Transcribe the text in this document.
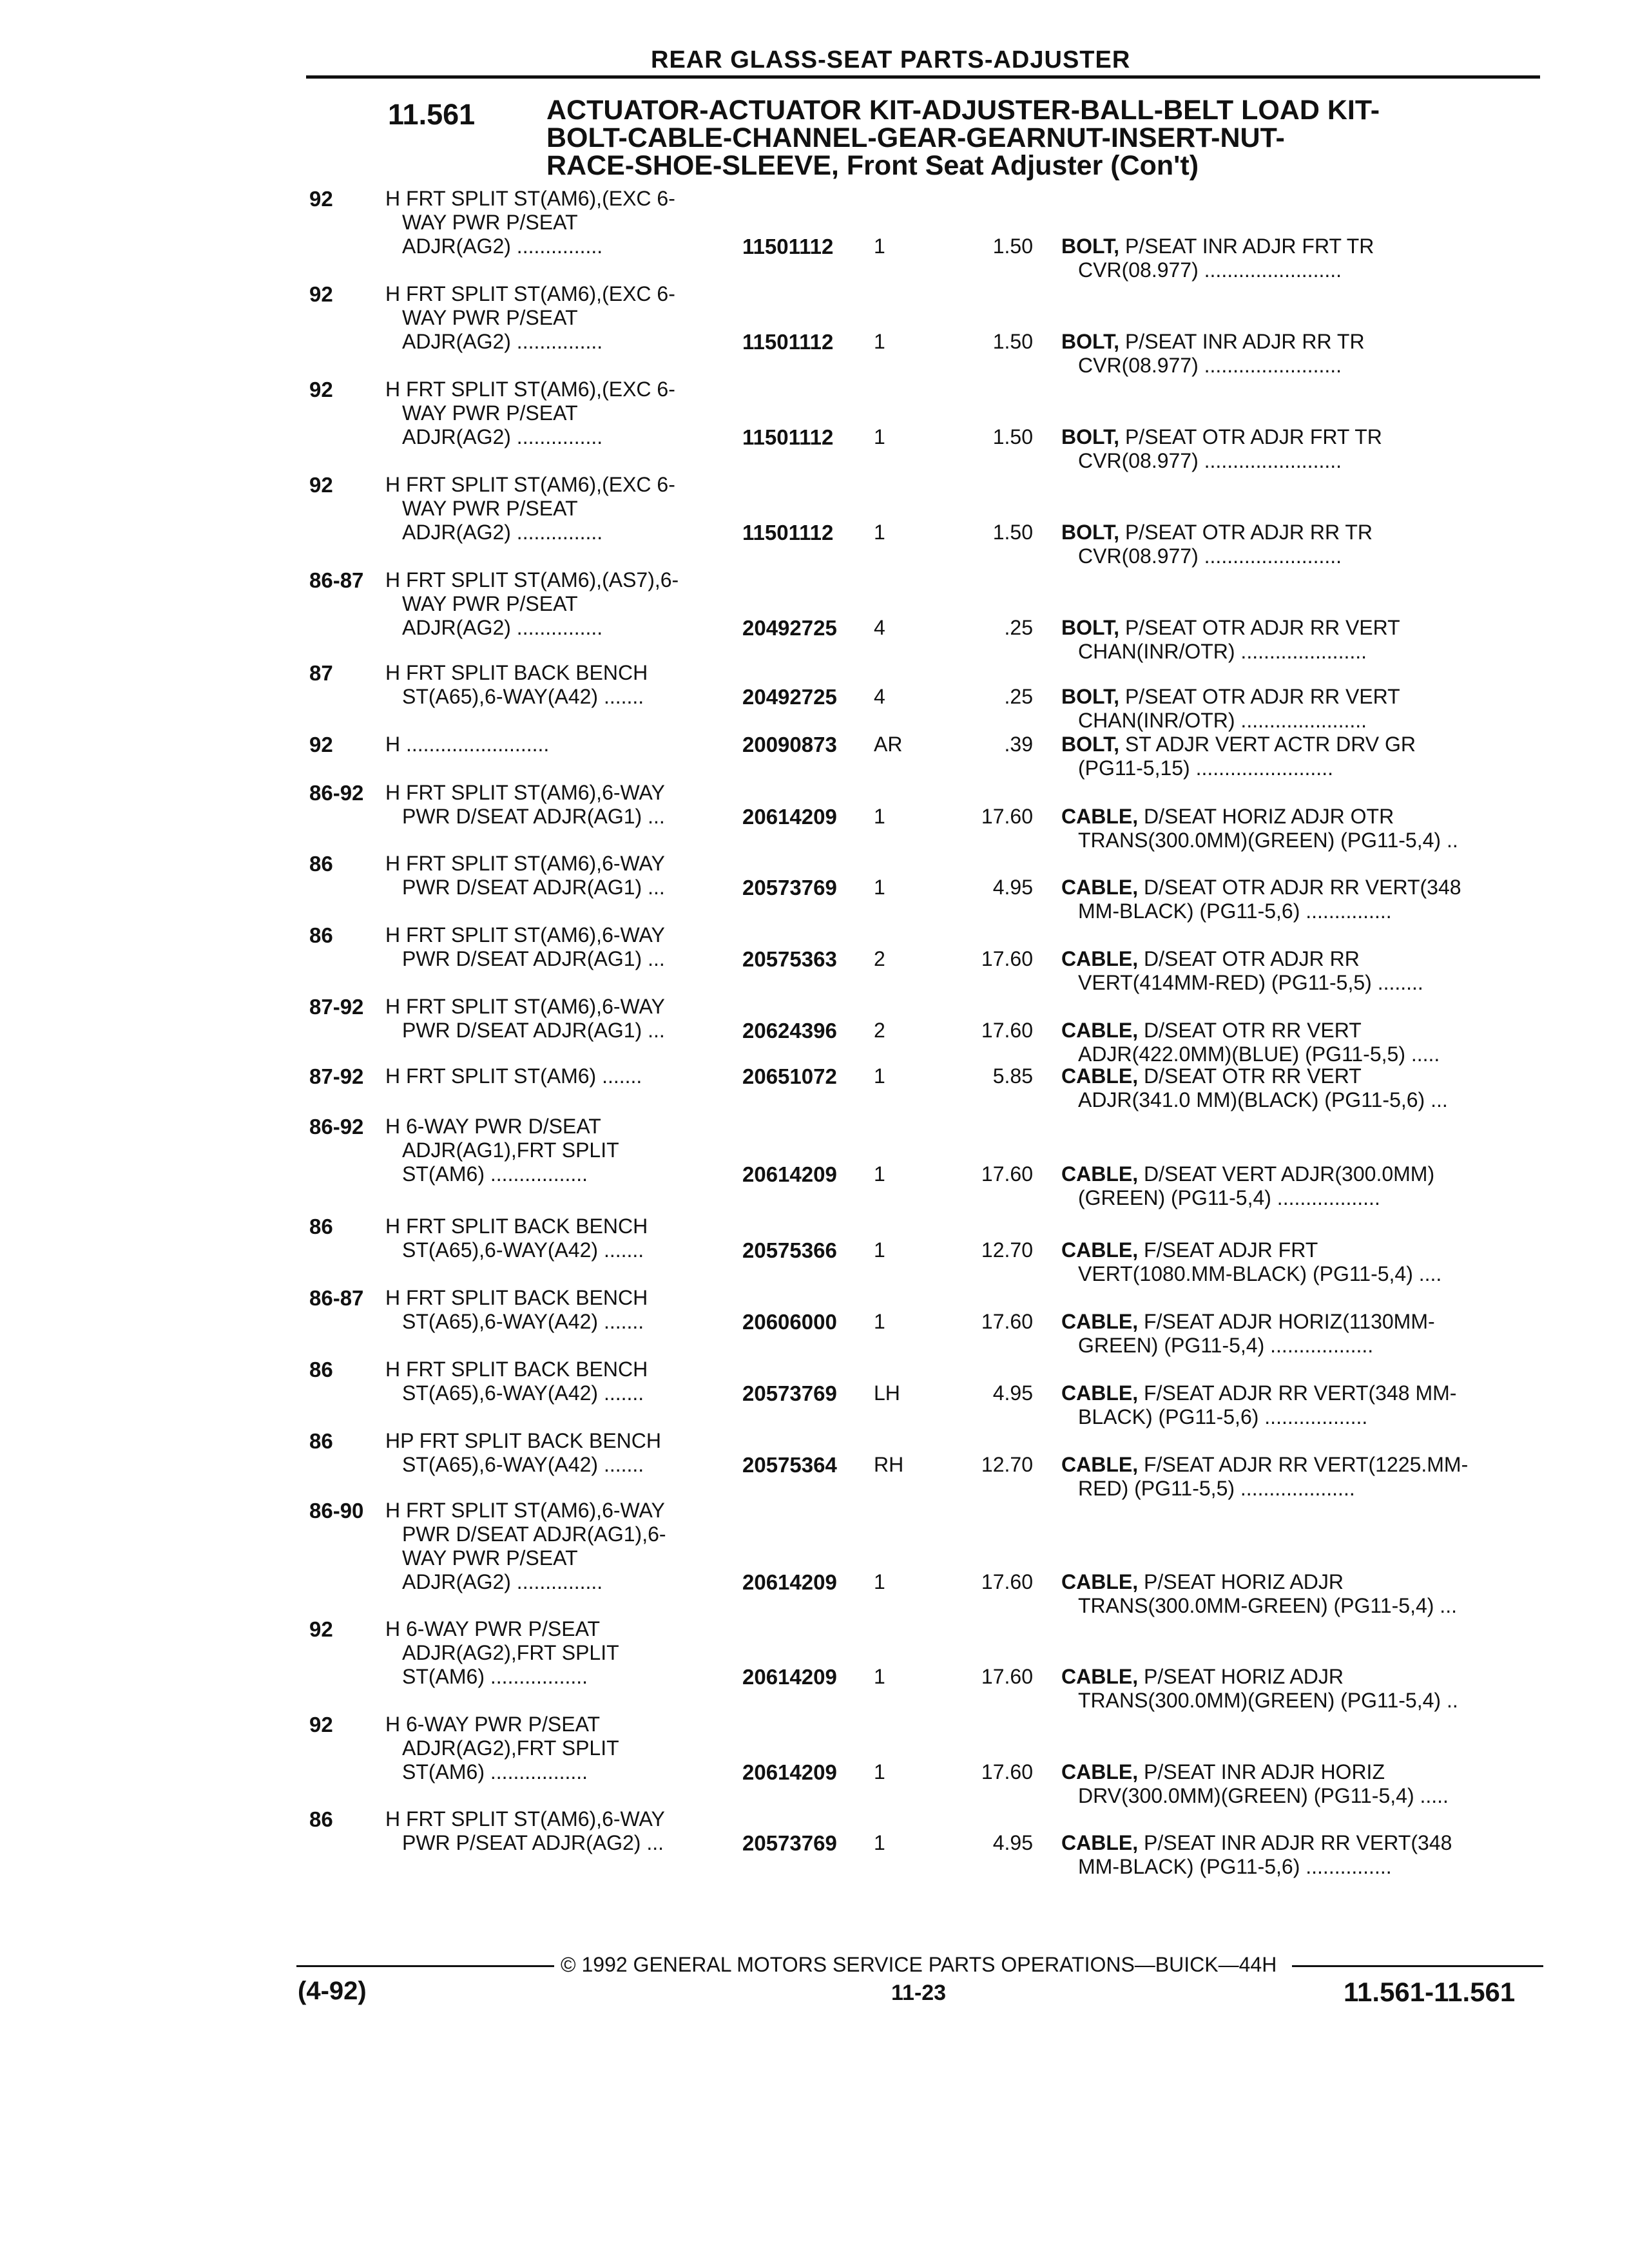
REAR GLASS-SEAT PARTS-ADJUSTER
11.561	ACTUATOR-ACTUATOR KIT-ADJUSTER-BALL-BELT LOAD KIT-
BOLT-CABLE-CHANNEL-GEAR-GEARNUT-INSERT-NUT-
RACE-SHOE-SLEEVE, Front Seat Adjuster (Con't)
92	H FRT SPLIT ST(AM6),(EXC 6-
WAY PWR P/SEAT
ADJR(AG2) ...............	11501112 1	1.50 BOLT, P/SEAT INR ADJR FRT TR
CVR(08.977) ........................
92	H FRT SPLIT ST(AM6),(EXC 6-
WAY PWR P/SEAT
ADJR(AG2) ...............	11501112 1	1.50 BOLT, P/SEAT INR ADJR RR TR
CVR(08.977) ........................
92	H FRT SPLIT ST(AM6),(EXC 6-
WAY PWR P/SEAT
ADJR(AG2) ...............	11501112 1	1.50 BOLT, P/SEAT OTR ADJR FRT TR
CVR(08.977) ........................
92	H FRT SPLIT ST(AM6),(EXC 6-
WAY PWR P/SEAT
ADJR(AG2) ...............	11501112 1	1.50 BOLT, P/SEAT OTR ADJR RR TR
CVR(08.977) ........................
86-87 H FRT SPLIT ST(AM6),(AS7),6-
WAY PWR P/SEAT
ADJR(AG2) ...............	20492725 4	.25 BOLT, P/SEAT OTR ADJR RR VERT
CHAN(INR/OTR) ......................
87	H FRT SPLIT BACK BENCH
ST(A65),6-WAY(A42) .......	20492725 4	.25 BOLT, P/SEAT OTR ADJR RR VERT
CHAN(INR/OTR) ......................
92	H .........................	20090873 AR	.39 BOLT, ST ADJR VERT ACTR DRV GR
(PG11-5,15) ........................
86-92 H FRT SPLIT ST(AM6),6-WAY
PWR D/SEAT ADJR(AG1) ...	20614209 1	17.60 CABLE, D/SEAT HORIZ ADJR OTR
TRANS(300.0MM)(GREEN) (PG11-5,4) ..
86	H FRT SPLIT ST(AM6),6-WAY
PWR D/SEAT ADJR(AG1) ...	20573769 1	4.95 CABLE, D/SEAT OTR ADJR RR VERT(348
MM-BLACK) (PG11-5,6) ...............
86	H FRT SPLIT ST(AM6),6-WAY
PWR D/SEAT ADJR(AG1) ...	20575363 2	17.60 CABLE, D/SEAT OTR ADJR RR
VERT(414MM-RED) (PG11-5,5) ........
87-92 H FRT SPLIT ST(AM6),6-WAY
PWR D/SEAT ADJR(AG1) ...	20624396 2	17.60 CABLE, D/SEAT OTR RR VERT
ADJR(422.0MM)(BLUE) (PG11-5,5) .....
87-92 H FRT SPLIT ST(AM6) .......	20651072 1	5.85 CABLE, D/SEAT OTR RR VERT
ADJR(341.0 MM)(BLACK) (PG11-5,6) ...
86-92 H 6-WAY PWR D/SEAT
ADJR(AG1),FRT SPLIT
ST(AM6) .................	20614209 1	17.60 CABLE, D/SEAT VERT ADJR(300.0MM)
(GREEN) (PG11-5,4) ..................
86	H FRT SPLIT BACK BENCH
ST(A65),6-WAY(A42) .......	20575366 1	12.70 CABLE, F/SEAT ADJR FRT
VERT(1080.MM-BLACK) (PG11-5,4) ....
86-87 H FRT SPLIT BACK BENCH
ST(A65),6-WAY(A42) .......	20606000 1	17.60 CABLE, F/SEAT ADJR HORIZ(1130MM-
GREEN) (PG11-5,4) ..................
86	H FRT SPLIT BACK BENCH
ST(A65),6-WAY(A42) .......	20573769 LH	4.95 CABLE, F/SEAT ADJR RR VERT(348 MM-
BLACK) (PG11-5,6) ..................
86	HP FRT SPLIT BACK BENCH
ST(A65),6-WAY(A42) .......	20575364 RH	12.70 CABLE, F/SEAT ADJR RR VERT(1225.MM-
RED) (PG11-5,5) ....................
86-90 H FRT SPLIT ST(AM6),6-WAY
PWR D/SEAT ADJR(AG1),6-
WAY PWR P/SEAT
ADJR(AG2) ...............	20614209 1	17.60 CABLE, P/SEAT HORIZ ADJR
TRANS(300.0MM-GREEN) (PG11-5,4) ...
92	H 6-WAY PWR P/SEAT
ADJR(AG2),FRT SPLIT
ST(AM6) .................	20614209 1	17.60 CABLE, P/SEAT HORIZ ADJR
TRANS(300.0MM)(GREEN) (PG11-5,4) ..
92	H 6-WAY PWR P/SEAT
ADJR(AG2),FRT SPLIT
ST(AM6) .................	20614209 1	17.60 CABLE, P/SEAT INR ADJR HORIZ
DRV(300.0MM)(GREEN) (PG11-5,4) .....
86	H FRT SPLIT ST(AM6),6-WAY
PWR P/SEAT ADJR(AG2) ...	20573769 1	4.95 CABLE, P/SEAT INR ADJR RR VERT(348
MM-BLACK) (PG11-5,6) ...............
© 1992 GENERAL MOTORS SERVICE PARTS OPERATIONS—BUICK—44H
(4-92)	11-23	11.561-11.561
